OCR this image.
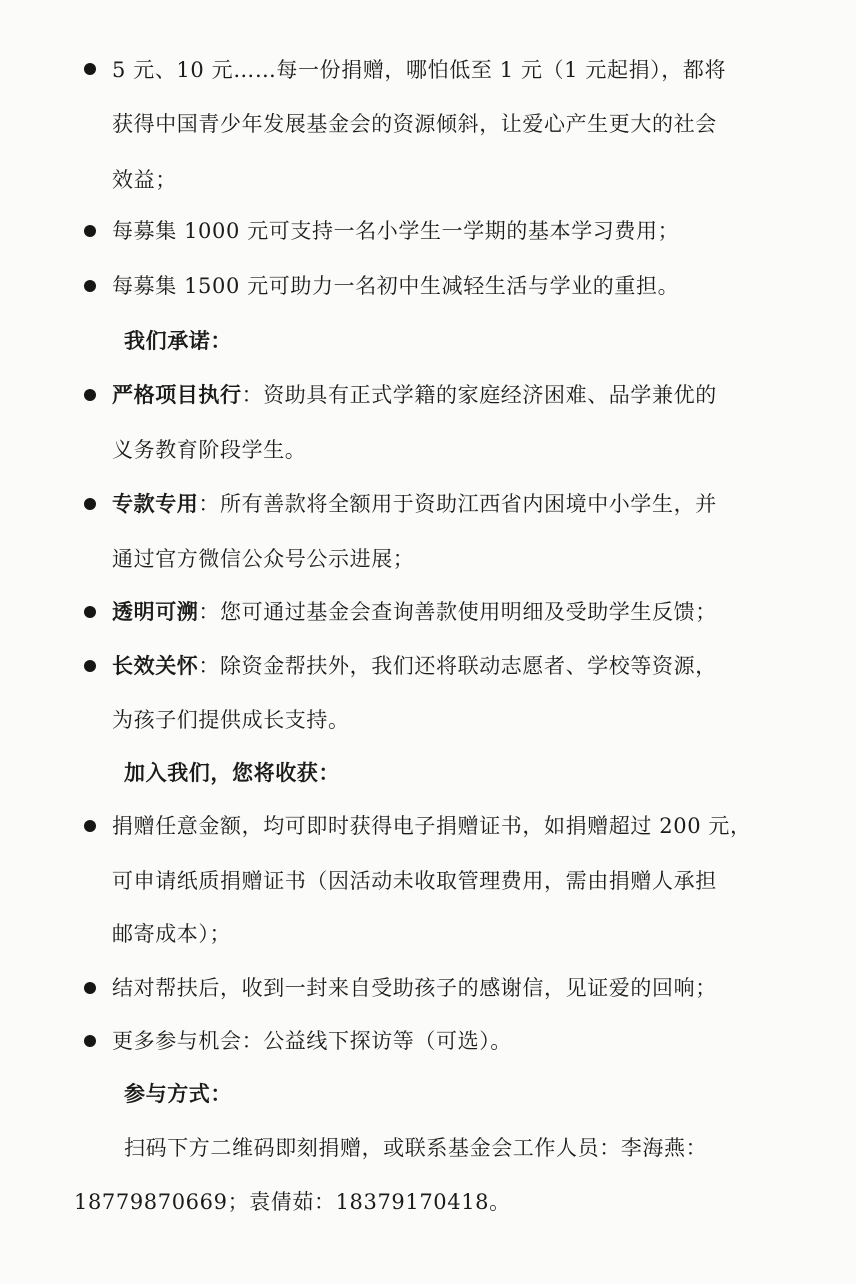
5 元、10 元……每一份捐赠，哪怕低至 1 元（1 元起捐），都将
获得中国青少年发展基金会的资源倾斜，让爱心产生更大的社会
效益；
每募集 1000 元可支持一名小学生一学期的基本学习费用；
每募集 1500 元可助力一名初中生减轻生活与学业的重担。
我们承诺：
严格项目执行：资助具有正式学籍的家庭经济困难、品学兼优的
义务教育阶段学生。
专款专用：所有善款将全额用于资助江西省内困境中小学生，并
通过官方微信公众号公示进展；
透明可溯：您可通过基金会查询善款使用明细及受助学生反馈；
长效关怀：除资金帮扶外，我们还将联动志愿者、学校等资源，
为孩子们提供成长支持。
加入我们，您将收获：
捐赠任意金额，均可即时获得电子捐赠证书，如捐赠超过 200 元，
可申请纸质捐赠证书（因活动未收取管理费用，需由捐赠人承担
邮寄成本）；
结对帮扶后，收到一封来自受助孩子的感谢信，见证爱的回响；
更多参与机会：公益线下探访等（可选）。
参与方式：
扫码下方二维码即刻捐赠，或联系基金会工作人员：李海燕：
18779870669；袁倩茹：18379170418。
